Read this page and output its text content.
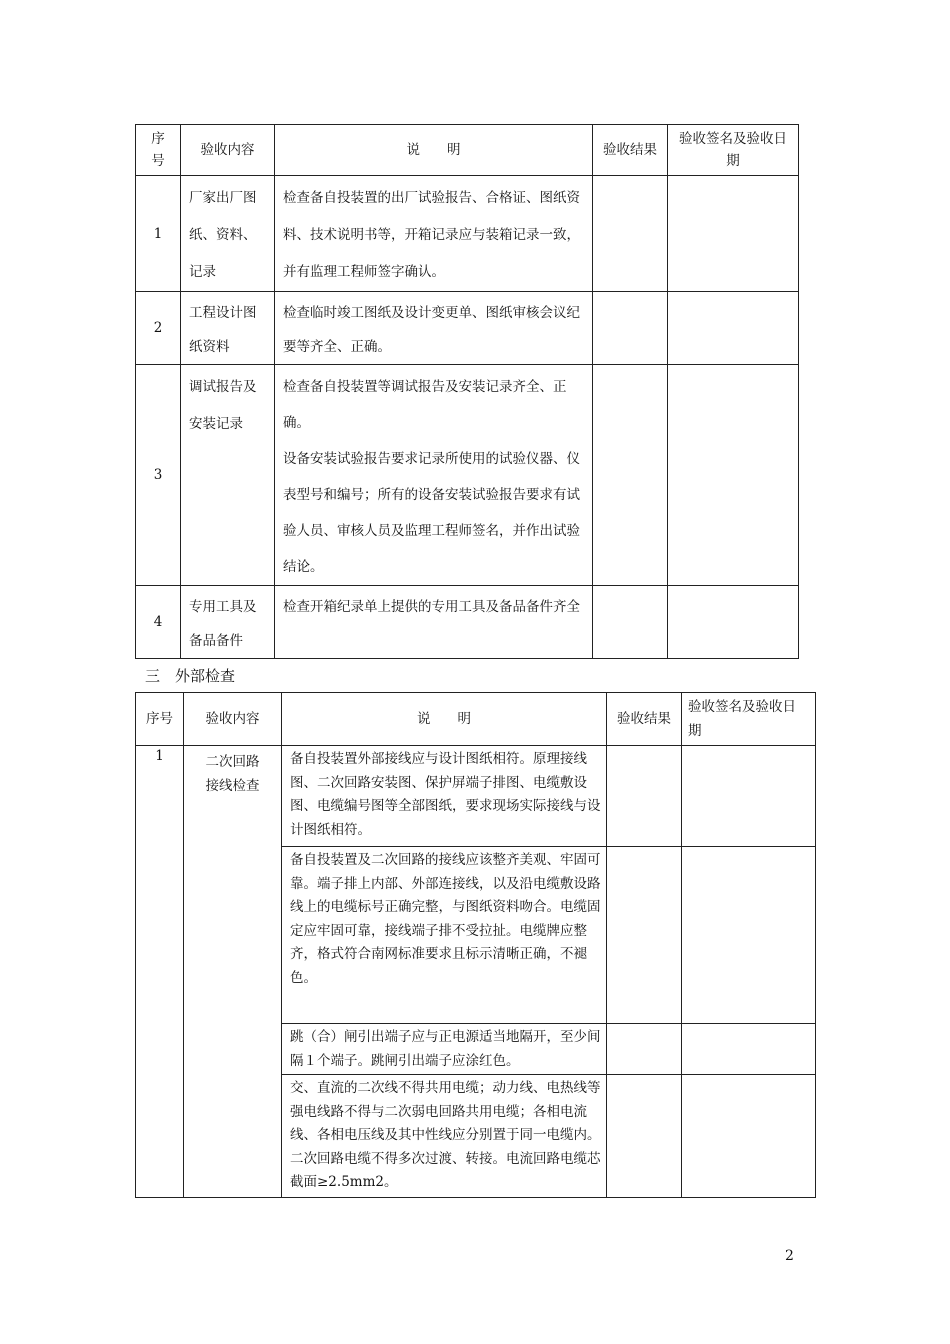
序号	验收内容	说　　明	验收结果	验收签名及验收日期
1	厂家出厂图纸、资料、记录	检查备自投装置的出厂试验报告、合格证、图纸资料、技术说明书等，开箱记录应与装箱记录一致，并有监理工程师签字确认。		

2	工程设计图纸资料	检查临时竣工图纸及设计变更单、图纸审核会议纪要等齐全、正确。		

3	调试报告及安装记录	检查备自投装置等调试报告及安装记录齐全、正确。
设备安装试验报告要求记录所使用的试验仪器、仪表型号和编号；所有的设备安装试验报告要求有试验人员、审核人员及监理工程师签名，并作出试验结论。		

4	专用工具及备品备件	检查开箱纪录单上提供的专用工具及备品备件齐全		

三　外部检查
序号	验收内容	说　　明	验收结果	验收签名及验收日期
1	二次回路接线检查	备自投装置外部接线应与设计图纸相符。原理接线图、二次回路安装图、保护屏端子排图、电缆敷设图、电缆编号图等全部图纸，要求现场实际接线与设计图纸相符。
备自投装置及二次回路的接线应该整齐美观、牢固可靠。端子排上内部、外部连接线，以及沿电缆敷设路线上的电缆标号正确完整，与图纸资料吻合。电缆固定应牢固可靠，接线端子排不受拉扯。电缆牌应整齐，格式符合南网标准要求且标示清晰正确，不褪色。
跳（合）闸引出端子应与正电源适当地隔开，至少间隔１个端子。跳闸引出端子应涂红色。
交、直流的二次线不得共用电缆；动力线、电热线等强电线路不得与二次弱电回路共用电缆；各相电流线、各相电压线及其中性线应分别置于同一电缆内。二次回路电缆不得多次过渡、转接。电流回路电缆芯截面≥2.5mm2。		

2
